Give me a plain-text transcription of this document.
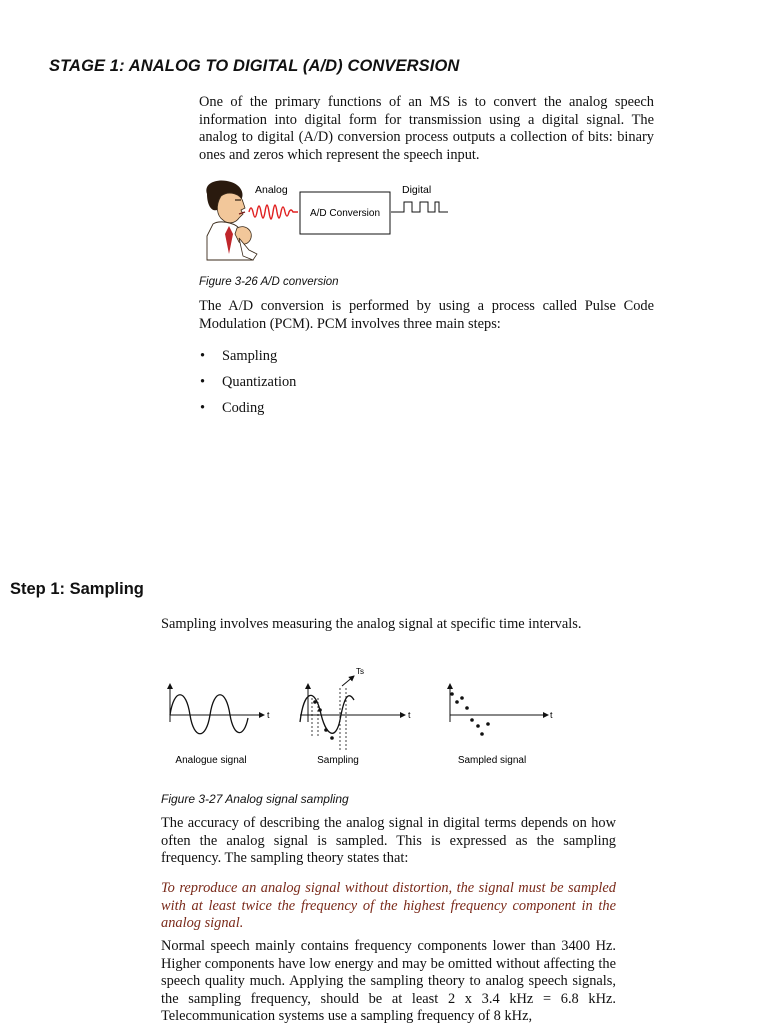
STAGE 1: ANALOG TO DIGITAL (A/D) CONVERSION

One of the primary functions of an MS is to convert the analog speech information into digital form for transmission using a digital signal. The analog to digital (A/D) conversion process outputs a collection of bits: binary ones and zeros which represent the speech input.

Analog
A/D Conversion
Digital

Figure 3-26 A/D conversion

The A/D conversion is performed by using a process called Pulse Code Modulation (PCM). PCM involves three main steps:

• Sampling
• Quantization
• Coding
Step 1: Sampling

Sampling involves measuring the analog signal at specific time intervals.

t
Analogue signal
Ts
t
Sampling
t
Sampled signal

Figure 3-27 Analog signal sampling

The accuracy of describing the analog signal in digital terms depends on how often the analog signal is sampled. This is expressed as the sampling frequency. The sampling theory states that:

To reproduce an analog signal without distortion, the signal must be sampled with at least twice the frequency of the highest frequency component in the analog signal.

Normal speech mainly contains frequency components lower than 3400 Hz. Higher components have low energy and may be omitted without affecting the speech quality much. Applying the sampling theory to analog speech signals, the sampling frequency, should be at least 2 x 3.4 kHz = 6.8 kHz. Telecommunication systems use a sampling frequency of 8 kHz,
